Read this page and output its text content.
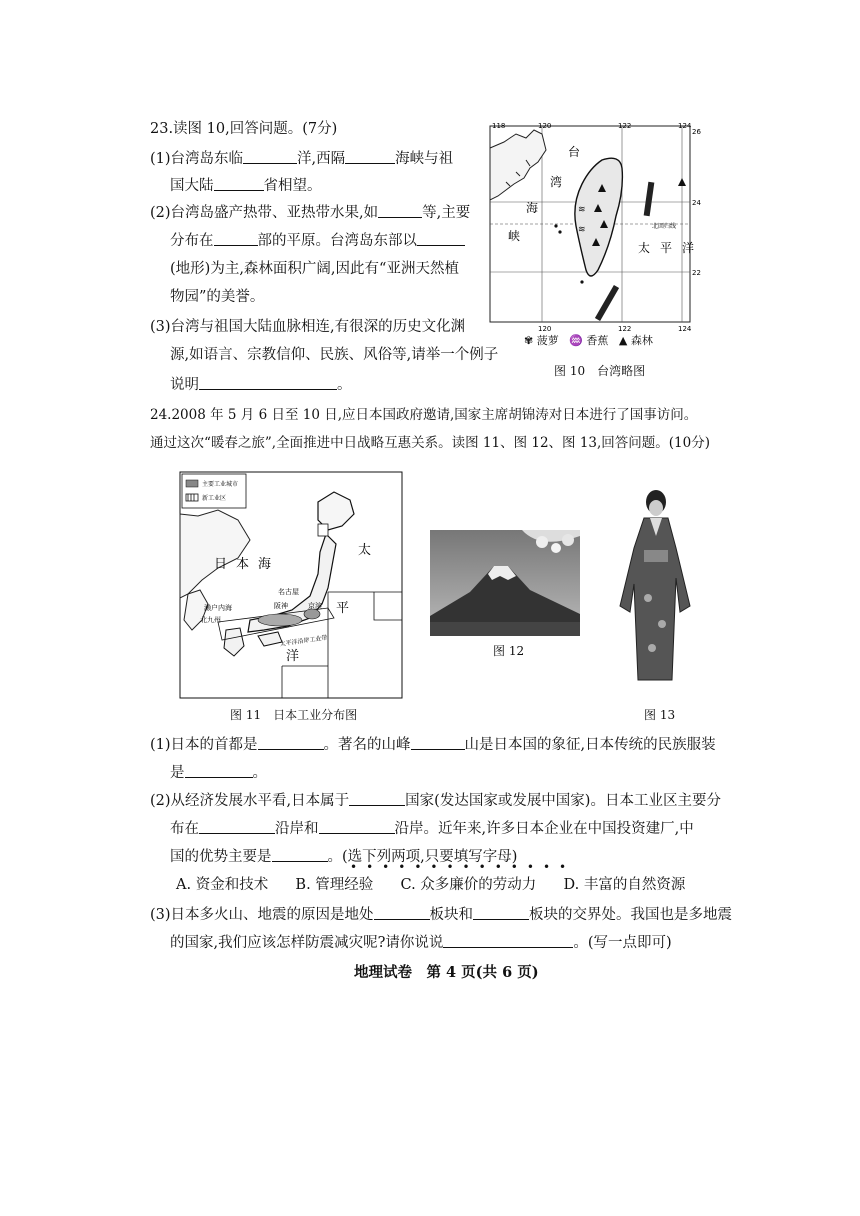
23.读图 10,回答问题。(7分)
(1)台湾岛东临	洋,西隔	海峡与祖
国大陆	省相望。
(2)台湾岛盛产热带、亚热带水果,如	等,主要
分布在	部的平原。台湾岛东部以
(地形)为主,森林面积广阔,因此有“亚洲天然植
物园”的美誉。
(3)台湾与祖国大陆血脉相连,有很深的历史文化渊
源,如语言、宗教信仰、民族、风俗等,请举一个例子
说明	。
≋
≋
118	120	122	124
120	122	124
26
24
22
北回归线
台
湾
海
峡
太 平 洋
✾ 菠萝 ♒ 香蕉 ▲ 森林
图 10　台湾略图
24.2008 年 5 月 6 日至 10 日,应日本国政府邀请,国家主席胡锦涛对日本进行了国事访问。
通过这次“暖春之旅”,全面推进中日战略互惠关系。读图 11、图 12、图 13,回答问题。(10分)
主要工业城市
新工业区
日 本 海
太
平
洋
名古屋
濑户内海	阪神	京滨
北九州
太平洋沿岸工业带
图 11　日本工业分布图
图 12
图 13
(1)日本的首都是	。著名的山峰	山是日本国的象征,日本传统的民族服装
是	。
(2)从经济发展水平看,日本属于	国家(发达国家或发展中国家)。日本工业区主要分
布在	沿岸和	沿岸。近年来,许多日本企业在中国投资建厂,中
国的优势主要是	。(选下列两项,只要填写字母)
••••••••••••••
A. 资金和技术 B. 管理经验 C. 众多廉价的劳动力 D. 丰富的自然资源
(3)日本多火山、地震的原因是地处	板块和	板块的交界处。我国也是多地震
的国家,我们应该怎样防震减灾呢?请你说说	。(写一点即可)
地理试卷　第 4 页(共 6 页)
